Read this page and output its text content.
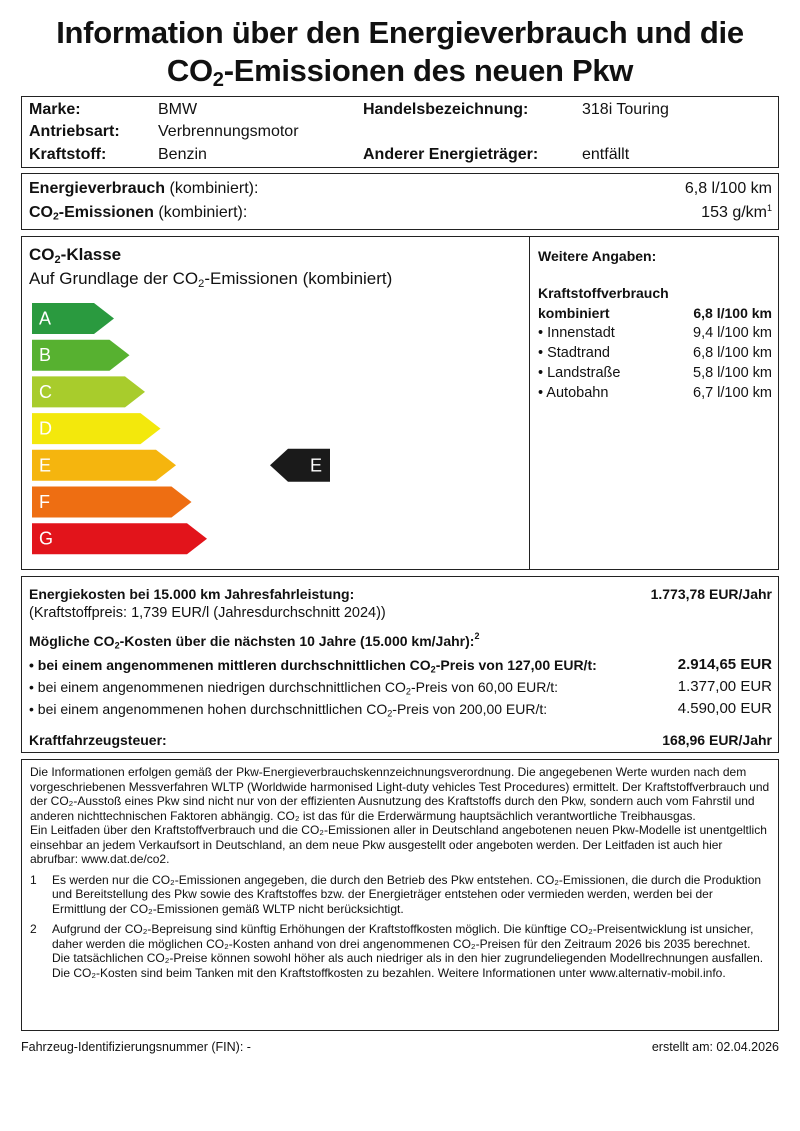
Information über den Energieverbrauch und die
CO2-Emissionen des neuen Pkw
Marke:	BMW
Antriebsart: Verbrennungsmotor
Kraftstoff:	Benzin
Handelsbezeichnung:	318i Touring
Anderer Energieträger:	entfällt
Energieverbrauch (kombiniert):	6,8 l/100 km
CO2-Emissionen (kombiniert):	153 $g/km^1$
CO2-Klasse
Auf Grundlage der CO2-Emissionen (kombiniert)
A
B
C
D
E	E
F
G
Weitere Angaben:
Kraftstoffverbrauch
kombiniert	6,8 l/100 km
• Innenstadt	9,4 l/100 km
• Stadtrand	6,8 l/100 km
• Landstraße	5,8 l/100 km
• Autobahn	6,7 l/100 km
Energiekosten bei 15.000 km Jahresfahrleistung:	1.773,78 EUR/Jahr
(Kraftstoffpreis: 1,739 EUR/l (Jahresdurchschnitt 2024))
Mögliche CO2-Kosten über die nächsten 10 Jahre (15.000 km/Jahr):$^2$
• bei einem angenommenen mittleren durchschnittlichen CO2-Preis von 127,00 EUR/t:	2.914,65 EUR
• bei einem angenommenen niedrigen durchschnittlichen CO2-Preis von 60,00 EUR/t:	1.377,00 EUR
• bei einem angenommenen hohen durchschnittlichen CO2-Preis von 200,00 EUR/t:	4.590,00 EUR
Kraftfahrzeugsteuer:	168,96 EUR/Jahr
Die Informationen erfolgen gemäß der Pkw-Energieverbrauchskennzeichnungsverordnung. Die angegebenen Werte wurden nach dem vorgeschriebenen Messverfahren WLTP (Worldwide harmonised Light-duty vehicles Test Procedures) ermittelt. Der Kraftstoffverbrauch und der CO₂-Ausstoß eines Pkw sind nicht nur von der effizienten Ausnutzung des Kraftstoffs durch den Pkw, sondern auch vom Fahrstil und anderen nichttechnischen Faktoren abhängig. CO₂ ist das für die Erderwärmung hauptsächlich verantwortliche Treibhausgas.
Ein Leitfaden über den Kraftstoffverbrauch und die CO₂-Emissionen aller in Deutschland angebotenen neuen Pkw-Modelle ist unentgeltlich einsehbar an jedem Verkaufsort in Deutschland, an dem neue Pkw ausgestellt oder angeboten werden. Der Leitfaden ist auch hier abrufbar: www.dat.de/co2.
1	Es werden nur die CO₂-Emissionen angegeben, die durch den Betrieb des Pkw entstehen. CO₂-Emissionen, die durch die Produktion und Bereitstellung des Pkw sowie des Kraftstoffes bzw. der Energieträger entstehen oder vermieden werden, werden bei der Ermittlung der CO₂-Emissionen gemäß WLTP nicht berücksichtigt.
2	Aufgrund der CO₂-Bepreisung sind künftig Erhöhungen der Kraftstoffkosten möglich. Die künftige CO₂-Preisentwicklung ist unsicher, daher werden die möglichen CO₂-Kosten anhand von drei angenommenen CO₂-Preisen für den Zeitraum 2026 bis 2035 berechnet. Die tatsächlichen CO₂-Preise können sowohl höher als auch niedriger als in den hier zugrundeliegenden Modellrechnungen ausfallen. Die CO₂-Kosten sind beim Tanken mit den Kraftstoffkosten zu bezahlen. Weitere Informationen unter www.alternativ-mobil.info.
Fahrzeug-Identifizierungsnummer (FIN): -	erstellt am: 02.04.2026
